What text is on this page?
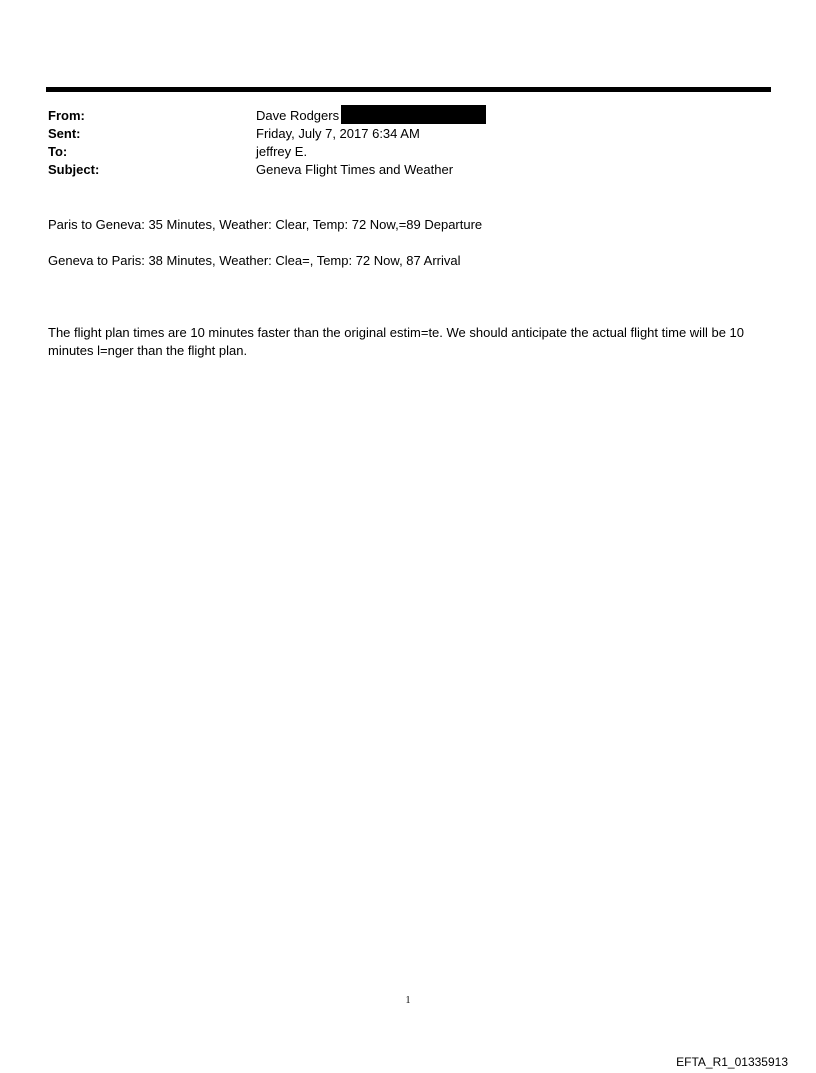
From:	Dave Rodgers
Sent:	Friday, July 7, 2017 6:34 AM
To:	jeffrey E.
Subject:	Geneva Flight Times and Weather
Paris to Geneva: 35 Minutes, Weather: Clear, Temp: 72 Now,=89 Departure
Geneva to Paris: 38 Minutes, Weather: Clea=, Temp: 72 Now, 87 Arrival
The flight plan times are 10 minutes faster than the original estim=te. We should anticipate the actual flight time will be 10 minutes l=nger than the flight plan.
1
EFTA_R1_01335913
